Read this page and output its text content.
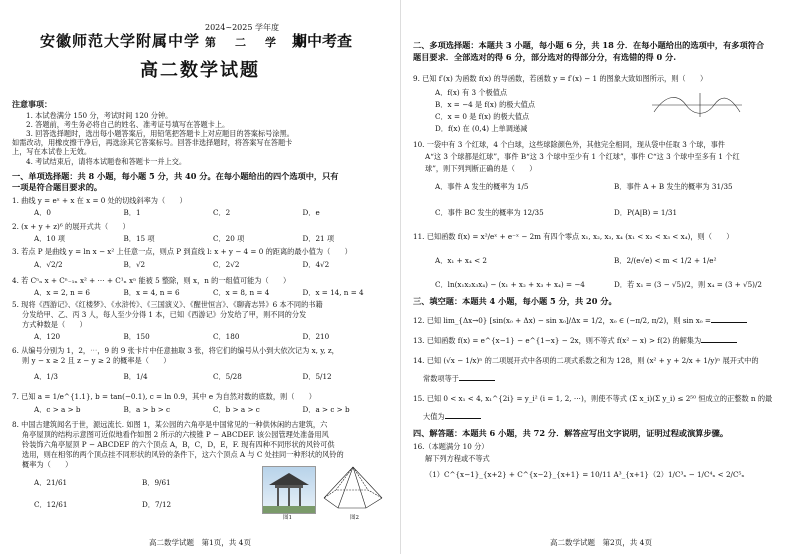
安徽师范大学附属中学
2024~2025 学年度
第　二　学　期
期中考查
高二数学试题
注意事项：
1. 本试卷满分 150 分，考试时间 120 分钟。
2. 答题前，考生务必将自己的姓名、准考证号填写在答题卡上。
3. 回答选择题时，选出每小题答案后，用铅笔把答题卡上对应题目的答案标号涂黑。
如需改动，用橡皮擦干净后，再选涂其它答案标号。回答非选择题时，将答案写在答题卡
上，写在本试卷上无效。
4. 考试结束后，请将本试题卷和答题卡一并上交。
一、单项选择题：共 8 小题，每小题 5 分，共 40 分。在每小题给出的四个选项中，只有
一项是符合题目要求的。
1. 曲线 y = eˣ + x 在 x = 0 处的切线斜率为（　　）
A．0	B．1	C．2	D．e
2. (x + y + z)⁶ 的展开式共（　　）
A．10 项	B．15 项	C．20 项	D．21 项
3. 若点 P 是曲线 y = ln x − x² 上任意一点，则点 P 到直线 l: x + y − 4 = 0 的距离的最小值为（　　）
A．√2/2	B．√2	C．2√2	D．4√2
4. 若 Cⁿₙ x + Cⁿ₋₁ₙ x² + ⋯ + C¹ₙ xⁿ 能被 5 整除，则 x，n 的一组值可能为（　　）
A．x = 2, n = 6	B．x = 4, n = 6	C．x = 8, n = 4	D．x = 14, n = 4
5. 现将《西游记》、《红楼梦》、《水浒传》、《三国演义》、《醒世恒言》、《聊斋志异》6 本不同的书籍
分发给甲、乙、丙 3 人，每人至少分得 1 本，已知《西游记》分发给了甲，则不同的分发
方式种数是（　　）
A．120	B．150	C．180	D．210
6. 从编号分别为 1，2，⋯，9 的 9 张卡片中任意抽取 3 张，将它们的编号从小到大依次记为 x, y, z，
则 y − x ≥ 2 且 z − y ≥ 2 的概率是（　　）
A．1/3	B．1/4	C．5/28	D．5/12
7. 已知 a = 1/e^{1.1}, b = tan(−0.1), c = ln 0.9，其中 e 为自然对数的底数，则（　　）
A．c > a > b	B．a > b > c	C．b > a > c	D．a > c > b
8. 中国古建筑闻名于世，源远流长. 如图 1，某公园的六角亭是中国常见的一种供休闲的古建筑，六
角亭屋顶的结构示意图可近似地看作如图 2 所示的六棱锥 P − ABCDEF. 该公园管理处准备用风
铃装饰六角亭屋顶 P − ABCDEF 的六个顶点 A，B，C，D，E，F. 现有四种不同形状的风铃可供
选用，则在相邻的两个顶点挂不同形状的风铃的条件下，这六个顶点 A 与 C 处挂同一种形状的风铃的
概率为（　　）
A．21/61	B．9/61
C．12/61	D．7/12
图1	图2
高二数学试题　第1页，共 4页
二、多项选择题：本题共 3 小题，每小题 6 分，共 18 分．在每小题给出的选项中，有多项符合
题目要求．全部选对的得 6 分，部分选对的得部分分，有选错的得 0 分.
9. 已知 f′(x) 为函数 f(x) 的导函数，若函数 y = f′(x) − 1 的图象大致如图所示，则（　　）
A．f(x) 有 3 个极值点
B．x = −4 是 f(x) 的极大值点
C．x = 0 是 f(x) 的极大值点
D．f(x) 在 (0,4) 上单调递减
10. 一袋中有 3 个红球，4 个白球，这些球除颜色外，其他完全相同，现从袋中任取 3 个球，事件
A“这 3 个球都是红球”，事件 B“这 3 个球中至少有 1 个红球”，事件 C“这 3 个球中至多有 1 个红
球”，则下列判断正确的是（　　）
A．事件 A 发生的概率为 1/5	B．事件 A + B 发生的概率为 31/35
C．事件 BC 发生的概率为 12/35	D．P(A|B) = 1/31
11. 已知函数 f(x) = x²/eˣ + e⁻ˣ − 2m 有四个零点 x₁, x₂, x₃, x₄ (x₁ < x₂ < x₃ < x₄)，则（　　）
A．x₁ + x₄ < 2	B．2/(e√e) < m < 1/2 + 1/e²
C．ln(x₁x₂x₃x₄) − (x₁ + x₂ + x₃ + x₄) = −4	D．若 x₁ = (3 − √5)/2，则 x₄ = (3 + √5)/2
三、填空题：本题共 4 小题，每小题 5 分，共 20 分。
12. 已知 lim_{Δx→0} [sin(x₀ + Δx) − sin x₀]/Δx = 1/2，x₀ ∈ (−π/2, π/2)，则 sin x₀ =
13. 已知函数 f(x) = e^{x−1} − e^{1−x} − 2x，则不等式 f(x² − x) > f(2) 的解集为
14. 已知 (√x − 1/x)ⁿ 的二项展开式中各项的二项式系数之和为 128，则 (x² + y + 2/x + 1/y)ⁿ 展开式中的
常数项等于
15. 已知 0 < x₁ < 4, x₁^{2i} = y_i² (i = 1, 2, ⋯)，则使不等式 (Σ x_i)(Σ y_i) ≤ 2⁵⁰ 恒成立的正整数 n 的最
大值为
四、解答题：本题共 6 小题，共 72 分．解答应写出文字说明，证明过程或演算步骤。
16.（本题满分 10 分）
解下列方程或不等式
（1）C^{x−1}_{x+2} + C^{x−2}_{x+1} = 10/11 A³_{x+1} （2）1/C³ₓ − 1/C⁴ₓ < 2/C⁵ₓ
高二数学试题　第2页，共 4页
